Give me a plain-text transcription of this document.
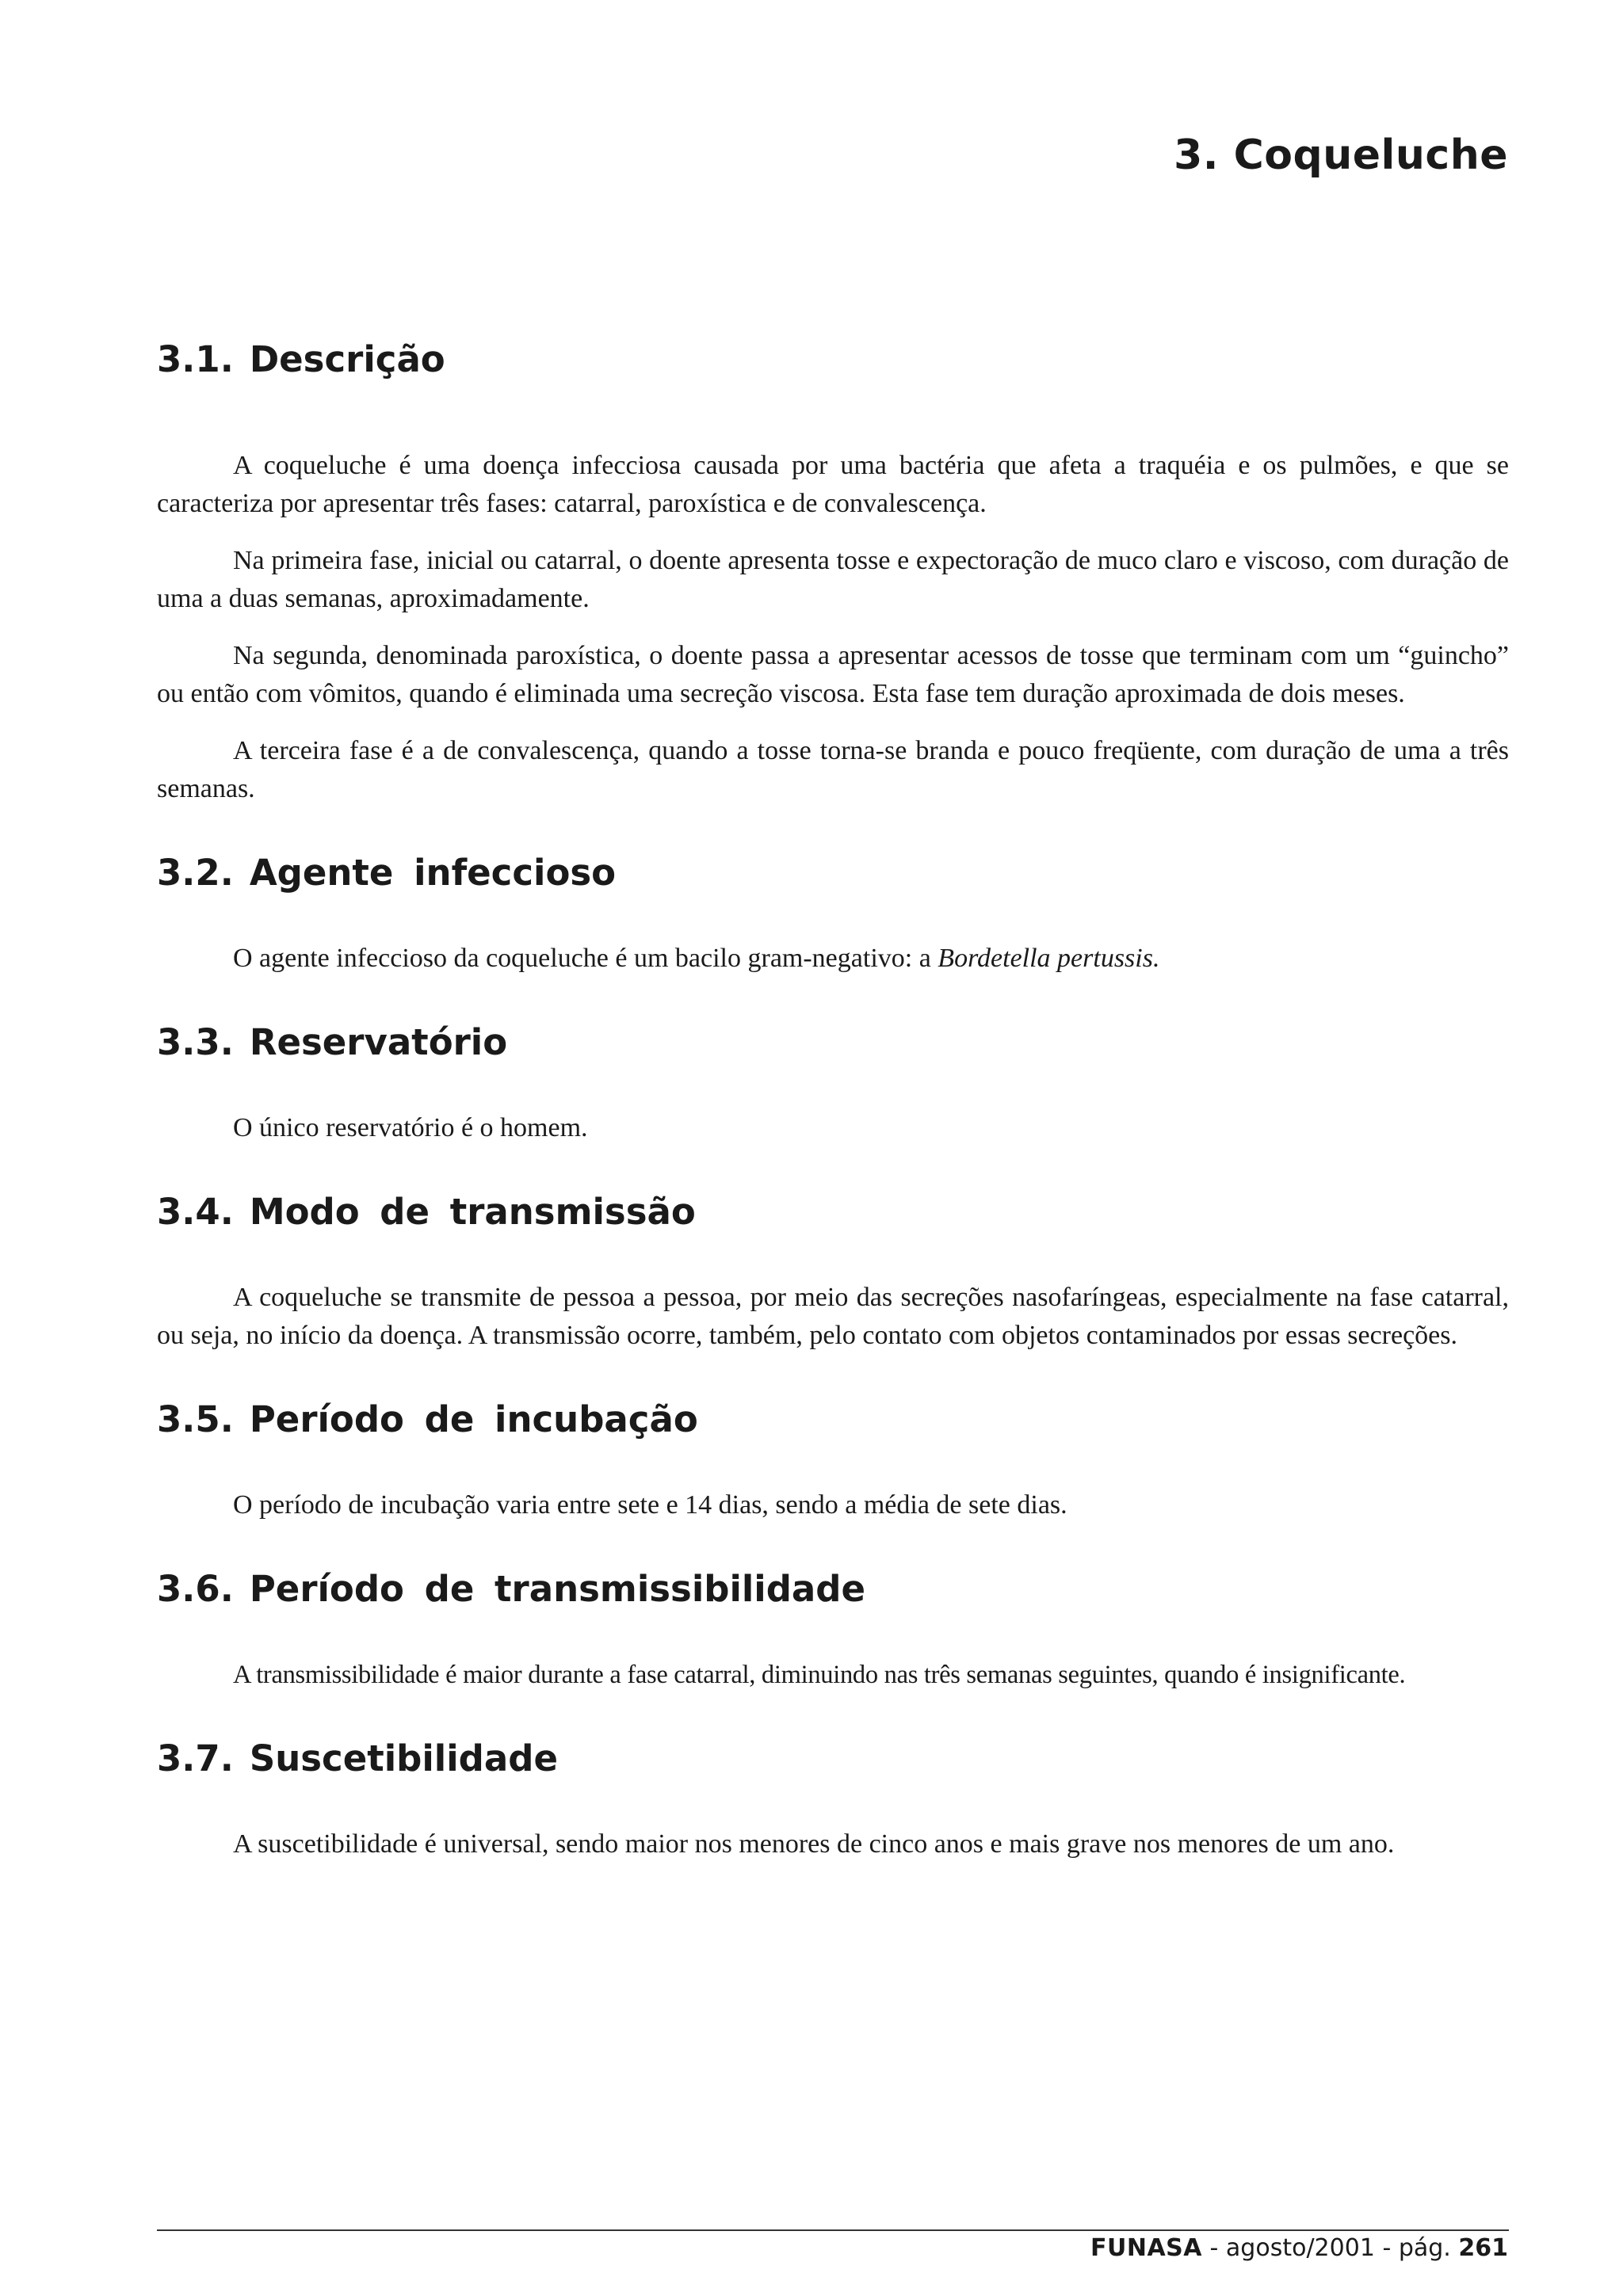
3. Coqueluche
3.1. Descrição

A coqueluche é uma doença infecciosa causada por uma bactéria que afeta a traquéia e os pulmões, e que se caracteriza por apresentar três fases: catarral, paroxística e de convalescença.

Na primeira fase, inicial ou catarral, o doente apresenta tosse e expectoração de muco claro e viscoso, com duração de uma a duas semanas, aproximadamente.

Na segunda, denominada paroxística, o doente passa a apresentar acessos de tosse que terminam com um “guincho” ou então com vômitos, quando é eliminada uma secreção viscosa. Esta fase tem duração aproximada de dois meses.

A terceira fase é a de convalescença, quando a tosse torna-se branda e pouco freqüente, com duração de uma a três semanas.

3.2. Agente infeccioso

O agente infeccioso da coqueluche é um bacilo gram-negativo: a Bordetella pertussis.

3.3. Reservatório

O único reservatório é o homem.

3.4. Modo de transmissão

A coqueluche se transmite de pessoa a pessoa, por meio das secreções nasofaríngeas, especialmente na fase catarral, ou seja, no início da doença. A transmissão ocorre, também, pelo contato com objetos contaminados por essas secreções.

3.5. Período de incubação

O período de incubação varia entre sete e 14 dias, sendo a média de sete dias.

3.6. Período de transmissibilidade

A transmissibilidade é maior durante a fase catarral, diminuindo nas três semanas seguintes, quando é insignificante.

3.7. Suscetibilidade

A suscetibilidade é universal, sendo maior nos menores de cinco anos e mais grave nos menores de um ano.

FUNASA - agosto/2001 - pág. 261
